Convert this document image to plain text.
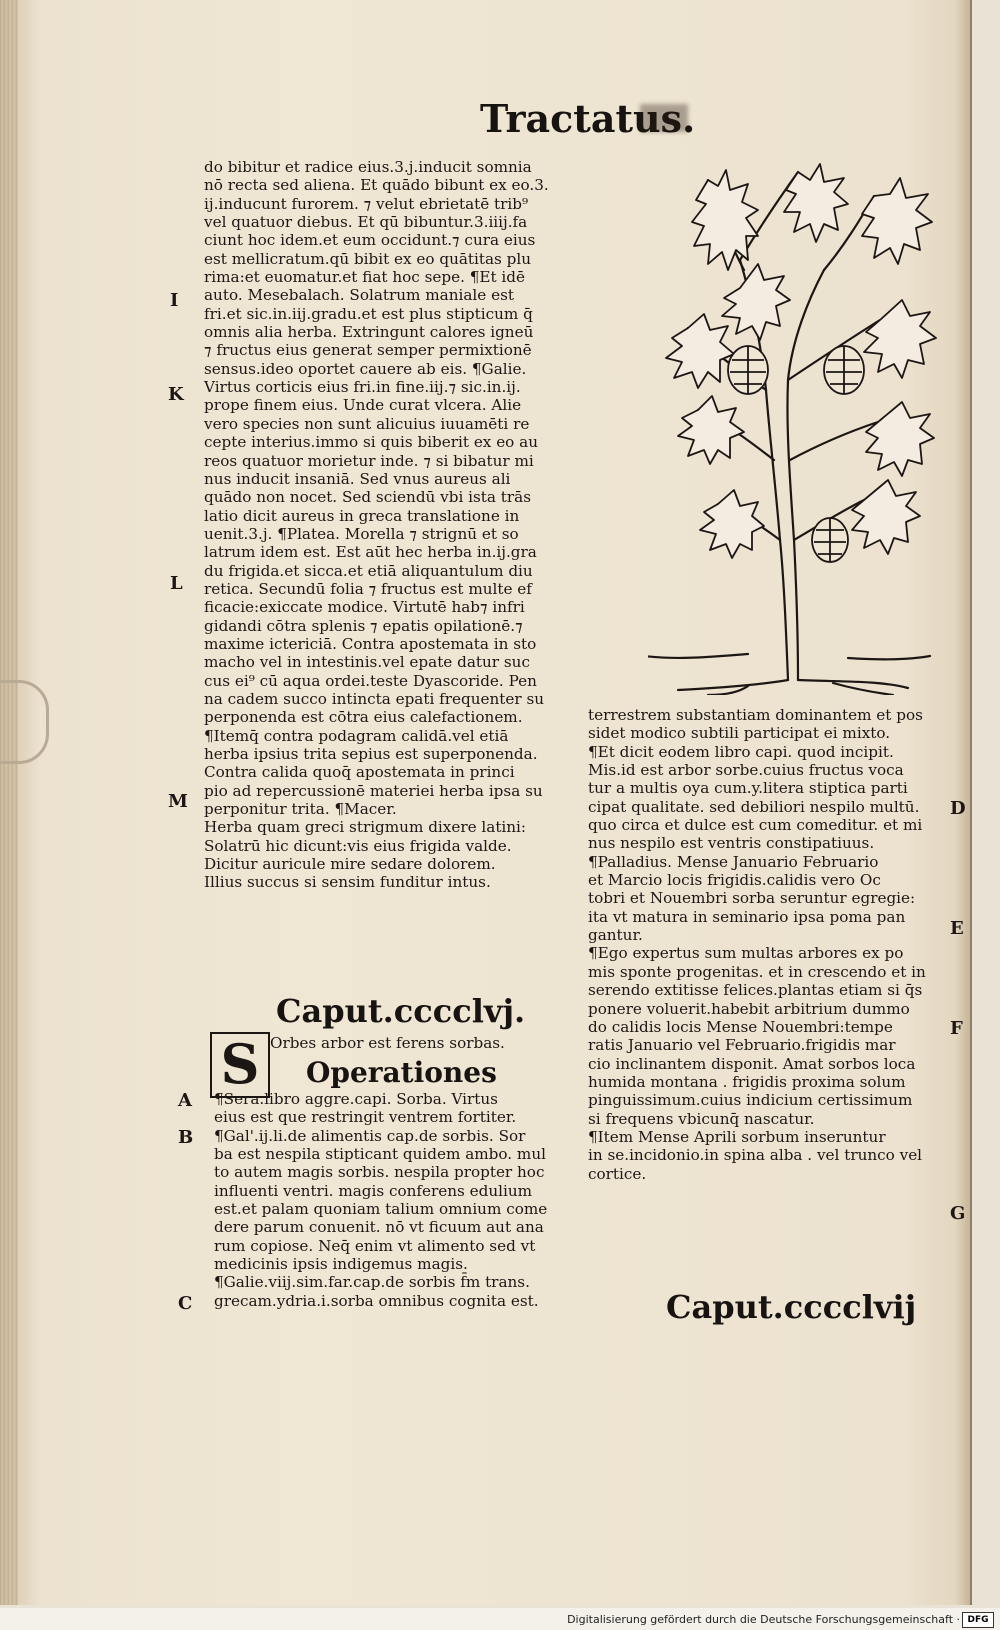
Tractatus.
do bibitur et radice eius.3.j.inducit somnia
nō recta sed aliena. Et quādo bibunt ex eo.3.
ij.inducunt furorem. ⁊ velut ebrietatē trib⁹
vel quatuor diebus. Et qū bibuntur.3.iiij.fa
ciunt hoc idem.et eum occidunt.⁊ cura eius
est mellicratum.qū bibit ex eo quātitas plu
rima:et euomatur.et fiat hoc sepe. ¶Et idē
auto. Mesebalach. Solatrum maniale est
fri.et sic.in.iij.gradu.et est plus stipticum q̄
omnis alia herba. Extringunt calores igneū
⁊ fructus eius generat semper permixtionē
sensus.ideo oportet cauere ab eis. ¶Galie.
Virtus corticis eius fri.in fine.iij.⁊ sic.in.ij.
prope finem eius. Unde curat vlcera. Alie
vero species non sunt alicuius iuuamēti re
cepte interius.immo si quis biberit ex eo au
reos quatuor morietur inde. ⁊ si bibatur mi
nus inducit insaniā. Sed vnus aureus ali
quādo non nocet. Sed sciendū vbi ista trās
latio dicit aureus in greca translatione in
uenit.3.j. ¶Platea. Morella ⁊ strignū et so
latrum idem est. Est aūt hec herba in.ij.gra
du frigida.et sicca.et etiā aliquantulum diu
retica. Secundū folia ⁊ fructus est multe ef
ficacie:exiccate modice. Virtutē hab⁊ infri
gidandi cōtra splenis ⁊ epatis opilationē.⁊
maxime ictericiā. Contra apostemata in sto
macho vel in intestinis.vel epate datur suc
cus ei⁹ cū aqua ordei.teste Dyascoride. Pen
na cadem succo intincta epati frequenter su
perponenda est cōtra eius calefactionem.
¶Itemq̄ contra podagram calidā.vel etiā
herba ipsius trita sepius est superponenda.
Contra calida quoq̄ apostemata in princi
pio ad repercussionē materiei herba ipsa su
perponitur trita. ¶Macer.
Herba quam greci strigmum dixere latini:
Solatrū hic dicunt:vis eius frigida valde.
Dicitur auricule mire sedare dolorem.
Illius succus si sensim funditur intus.
I
K
L
M
Caput.cccclvj.
S Orbes arbor est ferens sorbas.
Operationes
¶Sera.libro aggre.capi. Sorba. Virtus
eius est que restringit ventrem fortiter.
¶Gal'.ij.li.de alimentis cap.de sorbis. Sor
ba est nespila stipticant quidem ambo. mul
to autem magis sorbis. nespila propter hoc
influenti ventri. magis conferens edulium
est.et palam quoniam talium omnium come
dere parum conuenit. nō vt ficuum aut ana
rum copiose. Neq̄ enim vt alimento sed vt
medicinis ipsis indigemus magis.
¶Galie.viij.sim.far.cap.de sorbis f̄m trans.
grecam.ydria.i.sorba omnibus cognita est.
A
B
C
terrestrem substantiam dominantem et pos
sidet modico subtili participat ei mixto.
¶Et dicit eodem libro capi. quod incipit.
Mis.id est arbor sorbe.cuius fructus voca
tur a multis oya cum.y.litera stiptica parti
cipat qualitate. sed debiliori nespilo multū.
quo circa et dulce est cum comeditur. et mi
nus nespilo est ventris constipatiuus.
¶Palladius. Mense Januario Februario
et Marcio locis frigidis.calidis vero Oc
tobri et Nouembri sorba seruntur egregie:
ita vt matura in seminario ipsa poma pan
gantur.
¶Ego expertus sum multas arbores ex po
mis sponte progenitas. et in crescendo et in
serendo extitisse felices.plantas etiam si q̄s
ponere voluerit.habebit arbitrium dummo
do calidis locis Mense Nouembri:tempe
ratis Januario vel Februario.frigidis mar
cio inclinantem disponit. Amat sorbos loca
humida montana . frigidis proxima solum
pinguissimum.cuius indicium certissimum
si frequens vbicunq̄ nascatur.
¶Item Mense Aprili sorbum inseruntur
in se.incidonio.in spina alba . vel trunco vel
cortice.
D
E
F
G
Caput.cccclvij
Digitalisierung gefördert durch die Deutsche Forschungsgemeinschaft · DFG
